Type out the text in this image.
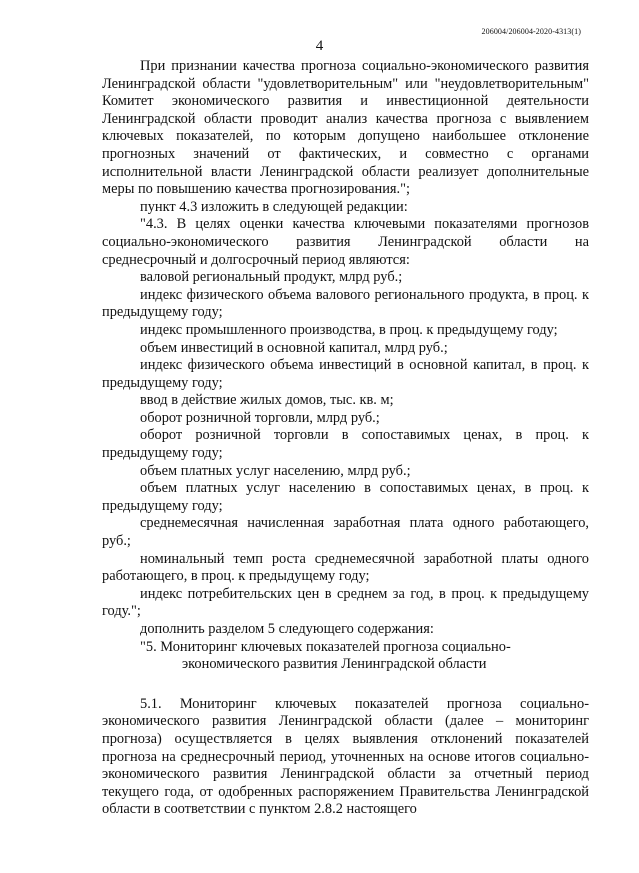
206004/206004-2020-4313(1)
4

При признании качества прогноза социально-экономического развития Ленинградской области "удовлетворительным" или "неудовлетворительным" Комитет экономического развития и инвестиционной деятельности Ленинградской области проводит анализ качества прогноза с выявлением ключевых показателей, по которым допущено наибольшее отклонение прогнозных значений от фактических, и совместно с органами исполнительной власти Ленинградской области реализует дополнительные меры по повышению качества прогнозирования.";

пункт 4.3 изложить в следующей редакции:

"4.3. В целях оценки качества ключевыми показателями прогнозов социально-экономического развития Ленинградской области на среднесрочный и долгосрочный период являются:

валовой региональный продукт, млрд руб.;

индекс физического объема валового регионального продукта, в проц. к предыдущему году;

индекс промышленного производства, в проц. к предыдущему году;

объем инвестиций в основной капитал, млрд руб.;

индекс физического объема инвестиций в основной капитал, в проц. к предыдущему году;

ввод в действие жилых домов, тыс. кв. м;

оборот розничной торговли, млрд руб.;

оборот розничной торговли в сопоставимых ценах, в проц. к предыдущему году;

объем платных услуг населению, млрд руб.;

объем платных услуг населению в сопоставимых ценах, в проц. к предыдущему году;

среднемесячная начисленная заработная плата одного работающего, руб.;

номинальный темп роста среднемесячной заработной платы одного работающего, в проц. к предыдущему году;

индекс потребительских цен в среднем за год, в проц. к предыдущему году.";

дополнить разделом 5 следующего содержания:

"5. Мониторинг ключевых показателей прогноза социально-
экономического развития Ленинградской области

5.1. Мониторинг ключевых показателей прогноза социально-экономического развития Ленинградской области (далее – мониторинг прогноза) осуществляется в целях выявления отклонений показателей прогноза на среднесрочный период, уточненных на основе итогов социально-экономического развития Ленинградской области за отчетный период текущего года, от одобренных распоряжением Правительства Ленинградской области в соответствии с пунктом 2.8.2 настоящего
